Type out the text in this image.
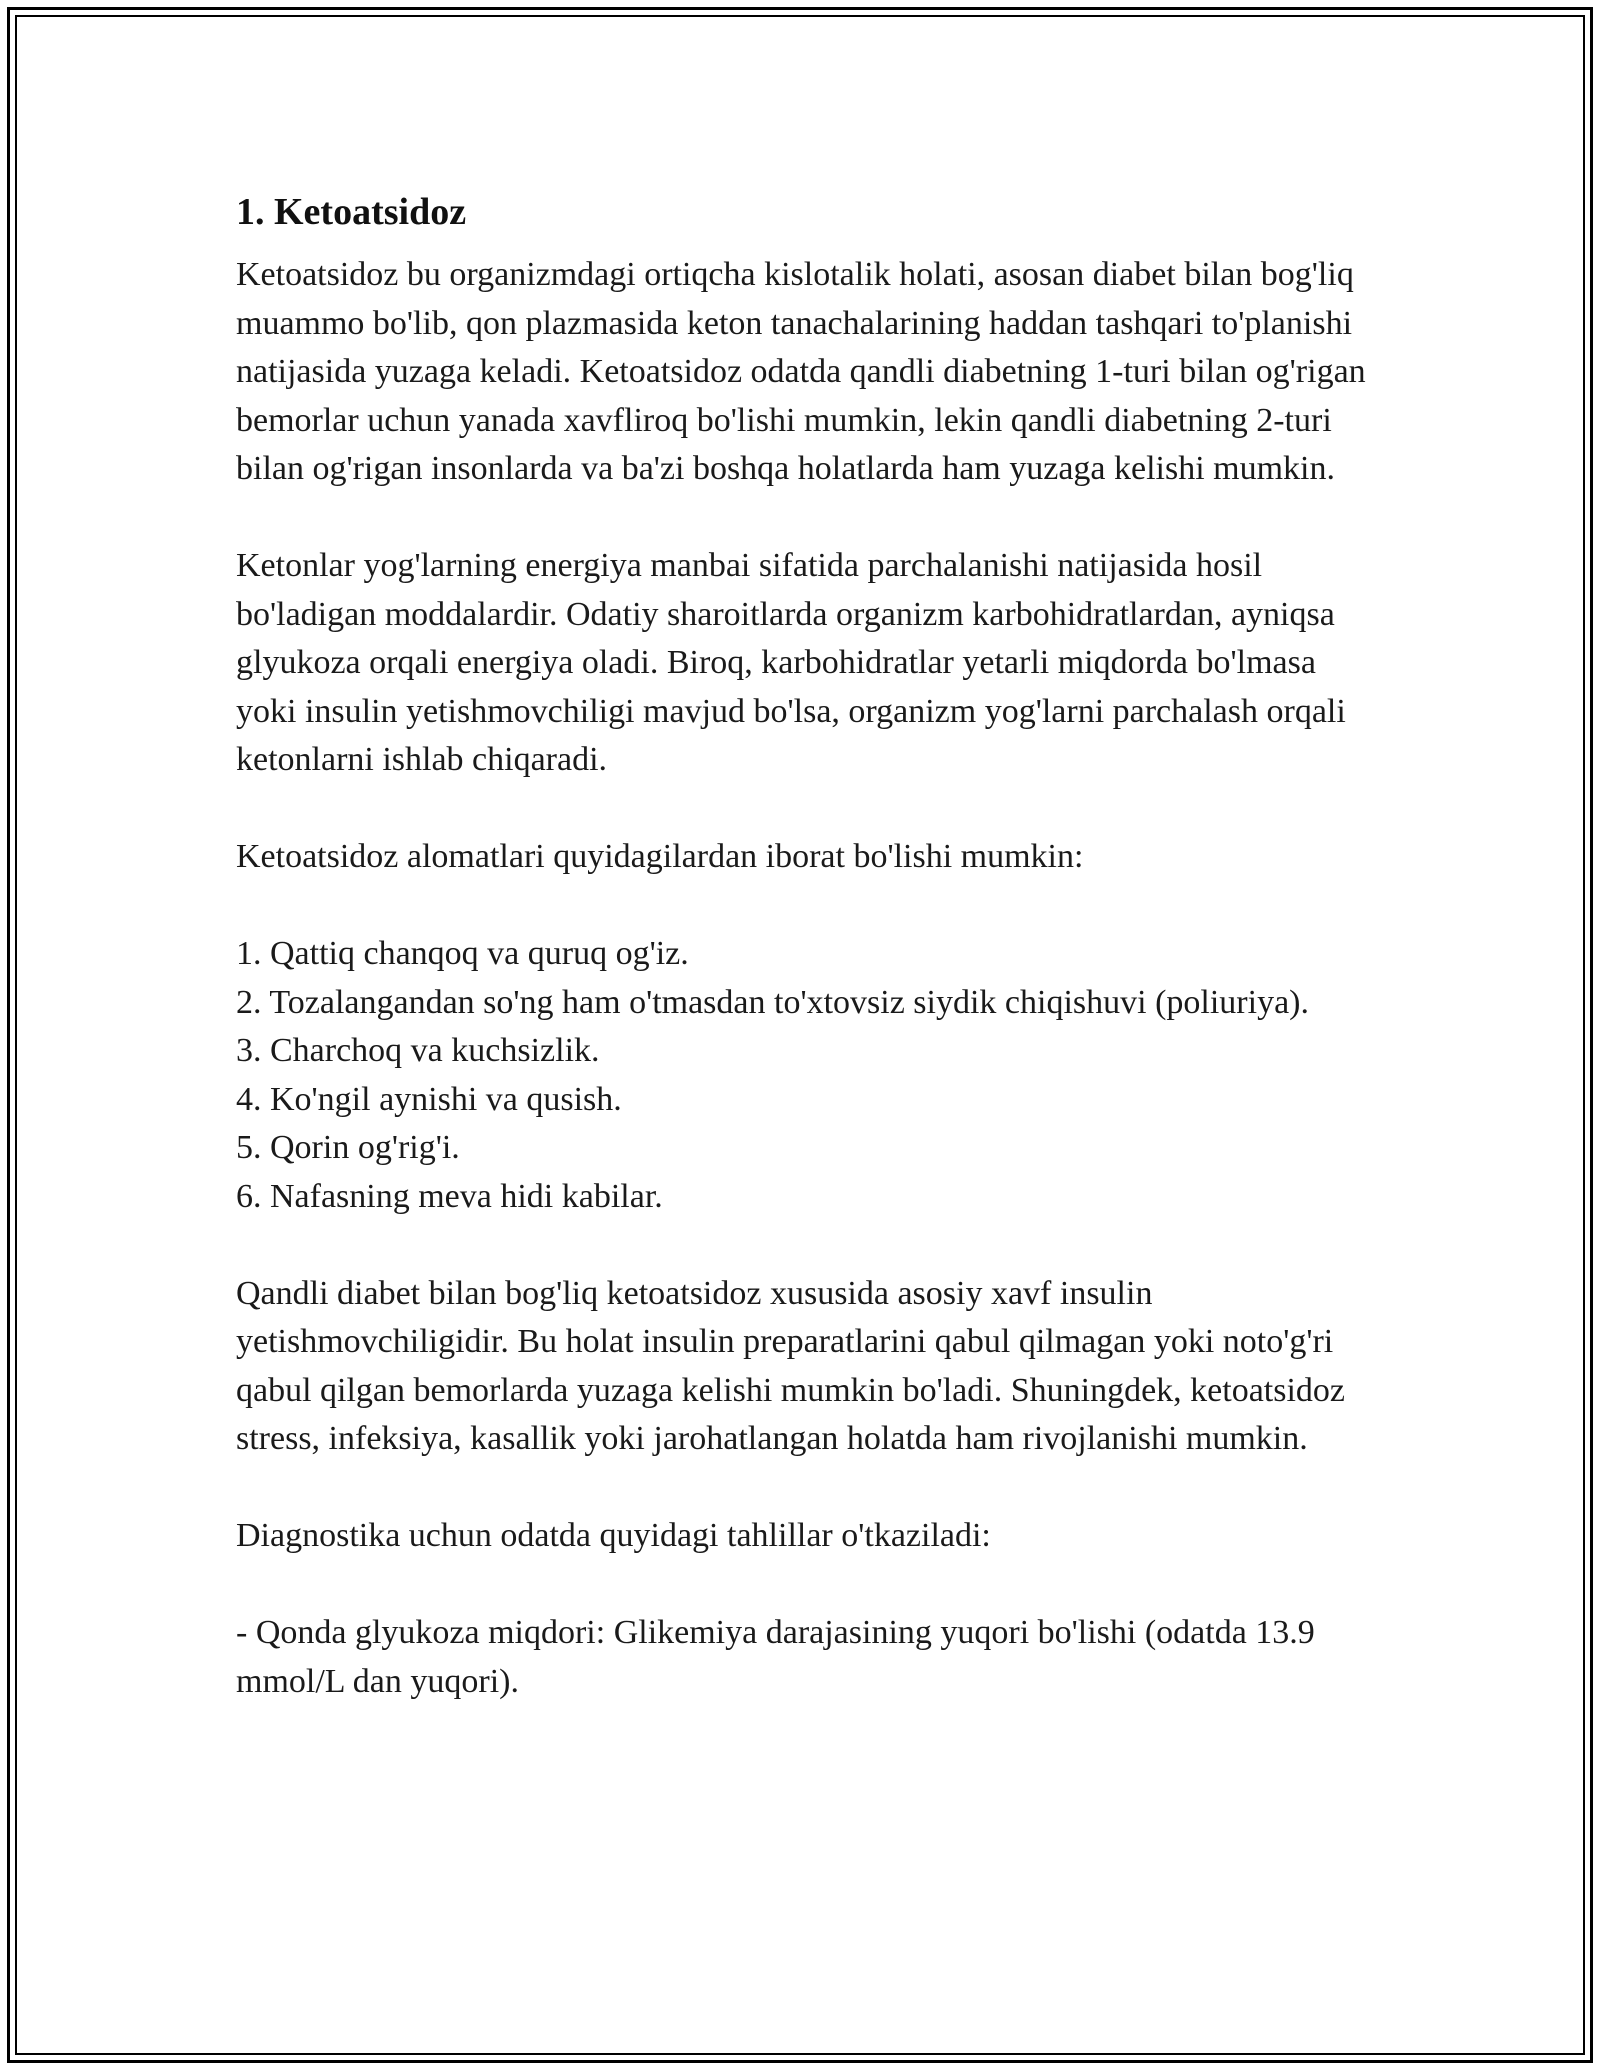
1. Ketoatsidoz

Ketoatsidoz bu organizmdagi ortiqcha kislotalik holati, asosan diabet bilan bog'liq muammo bo'lib, qon plazmasida keton tanachalarining haddan tashqari to'planishi natijasida yuzaga keladi. Ketoatsidoz odatda qandli diabetning 1-turi bilan og'rigan bemorlar uchun yanada xavfliroq bo'lishi mumkin, lekin qandli diabetning 2-turi bilan og'rigan insonlarda va ba'zi boshqa holatlarda ham yuzaga kelishi mumkin.

Ketonlar yog'larning energiya manbai sifatida parchalanishi natijasida hosil bo'ladigan moddalardir. Odatiy sharoitlarda organizm karbohidratlardan, ayniqsa glyukoza orqali energiya oladi. Biroq, karbohidratlar yetarli miqdorda bo'lmasa yoki insulin yetishmovchiligi mavjud bo'lsa, organizm yog'larni parchalash orqali ketonlarni ishlab chiqaradi.

Ketoatsidoz alomatlari quyidagilardan iborat bo'lishi mumkin:

1. Qattiq chanqoq va quruq og'iz.
2. Tozalangandan so'ng ham o'tmasdan to'xtovsiz siydik chiqishuvi (poliuriya).
3. Charchoq va kuchsizlik.
4. Ko'ngil aynishi va qusish.
5. Qorin og'rig'i.
6. Nafasning meva hidi kabilar.

Qandli diabet bilan bog'liq ketoatsidoz xususida asosiy xavf insulin yetishmovchiligidir. Bu holat insulin preparatlarini qabul qilmagan yoki noto'g'ri qabul qilgan bemorlarda yuzaga kelishi mumkin bo'ladi. Shuningdek, ketoatsidoz stress, infeksiya, kasallik yoki jarohatlangan holatda ham rivojlanishi mumkin.

Diagnostika uchun odatda quyidagi tahlillar o'tkaziladi:

- Qonda glyukoza miqdori: Glikemiya darajasining yuqori bo'lishi (odatda 13.9 mmol/L dan yuqori).
